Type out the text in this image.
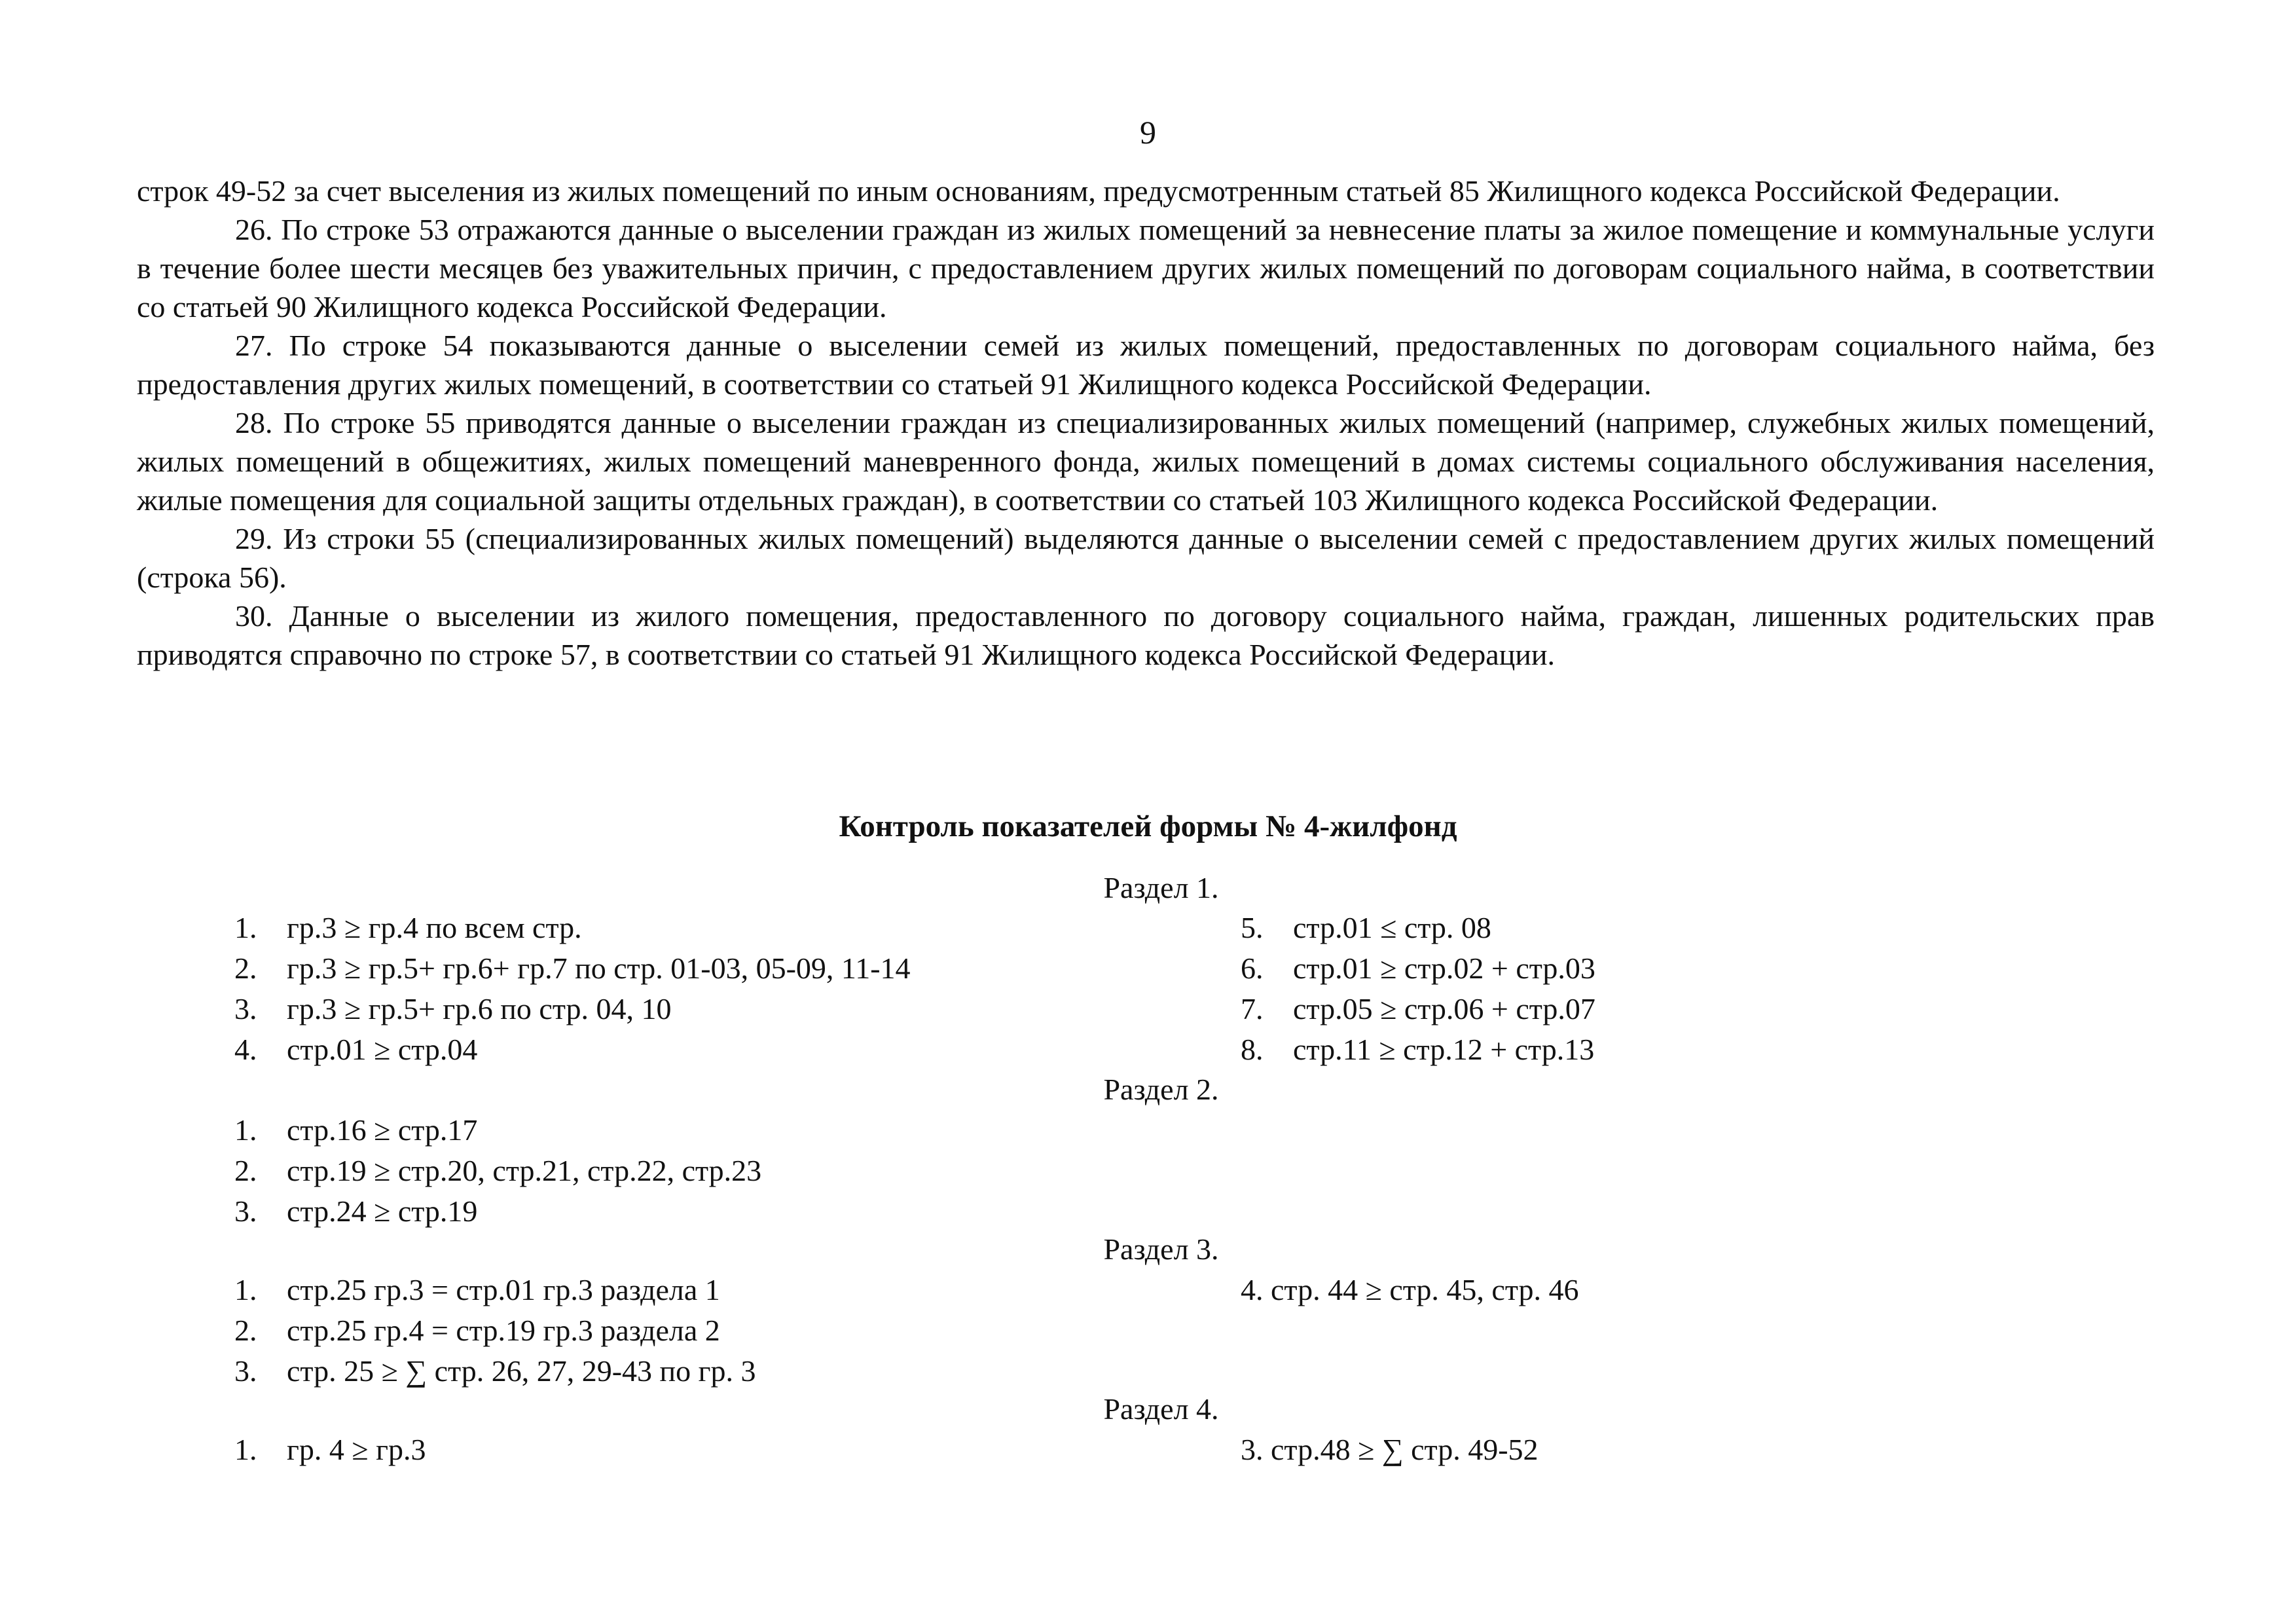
9

строк 49-52 за счет выселения из жилых помещений по иным основаниям, предусмотренным статьей 85 Жилищного кодекса Российской Федерации.

26. По строке 53 отражаются данные о выселении граждан из жилых помещений за невнесение платы за жилое помещение и коммунальные услуги в течение более шести месяцев без уважительных причин, с предоставлением других жилых помещений по договорам социального найма, в соответствии со статьей 90 Жилищного кодекса Российской Федерации.

27. По строке 54 показываются данные о выселении семей из жилых помещений, предоставленных по договорам социального найма, без предоставления других жилых помещений, в соответствии со статьей 91 Жилищного кодекса Российской Федерации.

28. По строке 55 приводятся данные о выселении граждан из специализированных жилых помещений (например, служебных жилых помещений, жилых помещений в общежитиях, жилых помещений маневренного фонда, жилых помещений в домах системы социального обслуживания населения, жилые помещения для социальной защиты отдельных граждан), в соответствии со статьей 103 Жилищного кодекса Российской Федерации.

29. Из строки 55 (специализированных жилых помещений) выделяются данные о выселении семей с предоставлением других жилых помещений (строка 56).

30. Данные о выселении из жилого помещения, предоставленного по договору социального найма, граждан, лишенных родительских прав приводятся справочно по строке 57, в соответствии со статьей 91 Жилищного кодекса Российской Федерации.

Контроль показателей формы № 4-жилфонд
Раздел 1.
1. гр.3 ≥ гр.4 по всем стр.
2. гр.3 ≥ гр.5+ гр.6+ гр.7 по стр. 01-03, 05-09, 11-14
3. гр.3 ≥ гр.5+ гр.6 по стр. 04, 10
4. стр.01 ≥ стр.04
5. стр.01 ≤ стр. 08
6. стр.01 ≥ стр.02 + стр.03
7. стр.05 ≥ стр.06 + стр.07
8. стр.11 ≥ стр.12 + стр.13
Раздел 2.
1. стр.16 ≥ стр.17
2. стр.19 ≥ стр.20, стр.21, стр.22, стр.23
3. стр.24 ≥ стр.19
Раздел 3.
1. стр.25 гр.3 = стр.01 гр.3 раздела 1
2. стр.25 гр.4 = стр.19 гр.3 раздела 2
3. стр. 25 ≥ ∑ стр. 26, 27, 29-43 по гр. 3
4. стр. 44 ≥ стр. 45, стр. 46
Раздел 4.
1. гр. 4 ≥ гр.3	3. стр.48 ≥ ∑ стр. 49-52
